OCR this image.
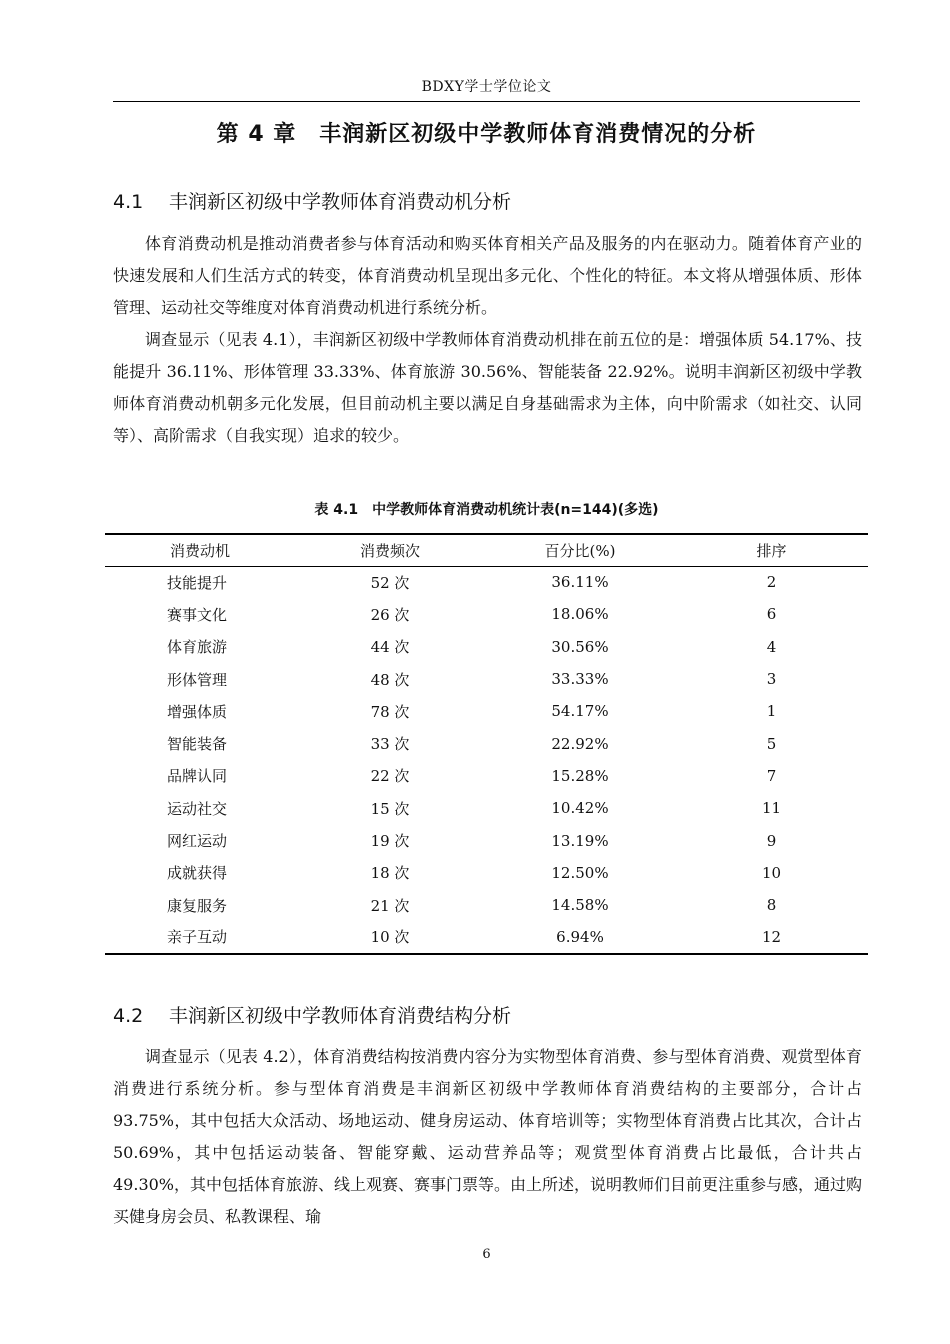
BDXY学士学位论文
第 4 章　丰润新区初级中学教师体育消费情况的分析
4.1 丰润新区初级中学教师体育消费动机分析

体育消费动机是推动消费者参与体育活动和购买体育相关产品及服务的内在驱动力。随着体育产业的快速发展和人们生活方式的转变，体育消费动机呈现出多元化、个性化的特征。本文将从增强体质、形体管理、运动社交等维度对体育消费动机进行系统分析。

调查显示（见表 4.1），丰润新区初级中学教师体育消费动机排在前五位的是：增强体质 54.17%、技能提升 36.11%、形体管理 33.33%、体育旅游 30.56%、智能装备 22.92%。说明丰润新区初级中学教师体育消费动机朝多元化发展，但目前动机主要以满足自身基础需求为主体，向中阶需求（如社交、认同等）、高阶需求（自我实现）追求的较少。

表 4.1　中学教师体育消费动机统计表(n=144)(多选)
消费动机	消费频次	百分比(%)	排序
技能提升	52 次	36.11%	2
赛事文化	26 次	18.06%	6
体育旅游	44 次	30.56%	4
形体管理	48 次	33.33%	3
增强体质	78 次	54.17%	1
智能装备	33 次	22.92%	5
品牌认同	22 次	15.28%	7
运动社交	15 次	10.42%	11
网红运动	19 次	13.19%	9
成就获得	18 次	12.50%	10
康复服务	21 次	14.58%	8
亲子互动	10 次	6.94%	12
4.2 丰润新区初级中学教师体育消费结构分析

调查显示（见表 4.2），体育消费结构按消费内容分为实物型体育消费、参与型体育消费、观赏型体育消费进行系统分析。参与型体育消费是丰润新区初级中学教师体育消费结构的主要部分，合计占 93.75%，其中包括大众活动、场地运动、健身房运动、体育培训等；实物型体育消费占比其次，合计占 50.69%，其中包括运动装备、智能穿戴、运动营养品等；观赏型体育消费占比最低，合计共占 49.30%，其中包括体育旅游、线上观赛、赛事门票等。由上所述，说明教师们目前更注重参与感，通过购买健身房会员、私教课程、瑜

6
